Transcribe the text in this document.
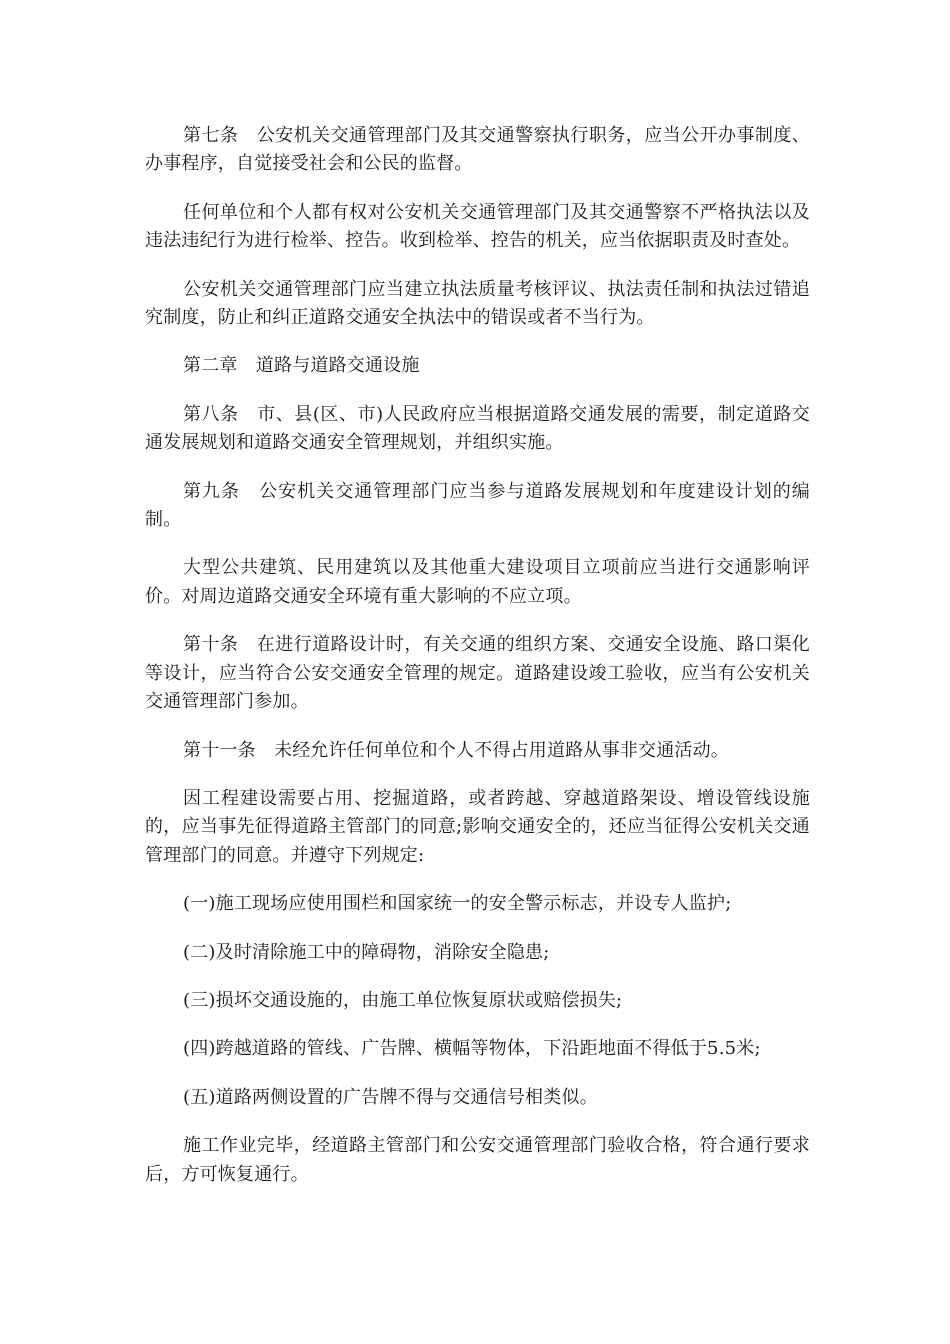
第七条　公安机关交通管理部门及其交通警察执行职务，应当公开办事制度、办事程序，自觉接受社会和公民的监督。

任何单位和个人都有权对公安机关交通管理部门及其交通警察不严格执法以及违法违纪行为进行检举、控告。收到检举、控告的机关，应当依据职责及时查处。

公安机关交通管理部门应当建立执法质量考核评议、执法责任制和执法过错追究制度，防止和纠正道路交通安全执法中的错误或者不当行为。

第二章　道路与道路交通设施

第八条　市、县(区、市)人民政府应当根据道路交通发展的需要，制定道路交通发展规划和道路交通安全管理规划，并组织实施。

第九条　公安机关交通管理部门应当参与道路发展规划和年度建设计划的编制。

大型公共建筑、民用建筑以及其他重大建设项目立项前应当进行交通影响评价。对周边道路交通安全环境有重大影响的不应立项。

第十条　在进行道路设计时，有关交通的组织方案、交通安全设施、路口渠化等设计，应当符合公安交通安全管理的规定。道路建设竣工验收，应当有公安机关交通管理部门参加。

第十一条　未经允许任何单位和个人不得占用道路从事非交通活动。

因工程建设需要占用、挖掘道路，或者跨越、穿越道路架设、增设管线设施的，应当事先征得道路主管部门的同意;影响交通安全的，还应当征得公安机关交通管理部门的同意。并遵守下列规定:

(一)施工现场应使用围栏和国家统一的安全警示标志，并设专人监护;

(二)及时清除施工中的障碍物，消除安全隐患;

(三)损坏交通设施的，由施工单位恢复原状或赔偿损失;

(四)跨越道路的管线、广告牌、横幅等物体，下沿距地面不得低于5.5米;

(五)道路两侧设置的广告牌不得与交通信号相类似。

施工作业完毕，经道路主管部门和公安交通管理部门验收合格，符合通行要求后，方可恢复通行。
